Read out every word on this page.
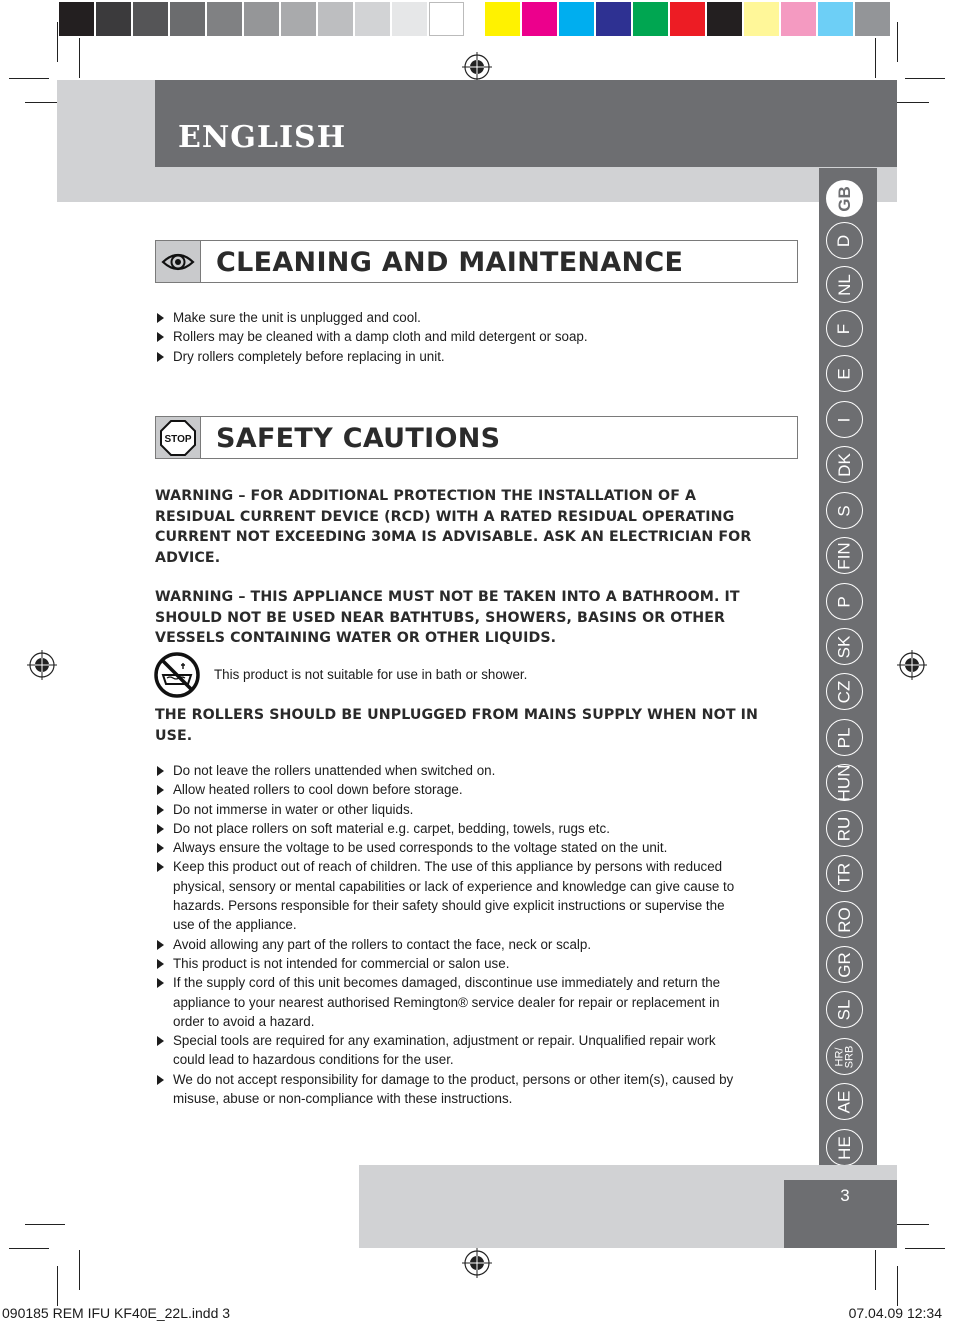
ENGLISH
GB
D
NL
F
E
I
DK
S
FIN
P
SK
CZ
PL
HUN
RU
TR
RO
GR
SL
HR/
SRB
AE
HE
3
CLEANING AND MAINTENANCE
Make sure the unit is unplugged and cool.
Rollers may be cleaned with a damp cloth and mild detergent or soap.
Dry rollers completely before replacing in unit.
STOP SAFETY CAUTIONS
WARNING – FOR ADDITIONAL PROTECTION THE INSTALLATION OF A RESIDUAL CURRENT DEVICE (RCD) WITH A RATED RESIDUAL OPERATING CURRENT NOT EXCEEDING 30MA IS ADVISABLE. ASK AN ELECTRICIAN FOR ADVICE.
WARNING – THIS APPLIANCE MUST NOT BE TAKEN INTO A BATHROOM. IT SHOULD NOT BE USED NEAR BATHTUBS, SHOWERS, BASINS OR OTHER VESSELS CONTAINING WATER OR OTHER LIQUIDS.
This product is not suitable for use in bath or shower.
THE ROLLERS SHOULD BE UNPLUGGED FROM MAINS SUPPLY WHEN NOT IN USE.
Do not leave the rollers unattended when switched on.
Allow heated rollers to cool down before storage.
Do not immerse in water or other liquids.
Do not place rollers on soft material e.g. carpet, bedding, towels, rugs etc.
Always ensure the voltage to be used corresponds to the voltage stated on the unit.
Keep this product out of reach of children. The use of this appliance by persons with reduced physical, sensory or mental capabilities or lack of experience and knowledge can give cause to hazards. Persons responsible for their safety should give explicit instructions or supervise the use of the appliance.
Avoid allowing any part of the rollers to contact the face, neck or scalp.
This product is not intended for commercial or salon use.
If the supply cord of this unit becomes damaged, discontinue use immediately and return the appliance to your nearest authorised Remington® service dealer for repair or replacement in order to avoid a hazard.
Special tools are required for any examination, adjustment or repair. Unqualified repair work could lead to hazardous conditions for the user.
We do not accept responsibility for damage to the product, persons or other item(s), caused by misuse, abuse or non-compliance with these instructions.
090185 REM IFU KF40E_22L.indd 3	07.04.09 12:34
